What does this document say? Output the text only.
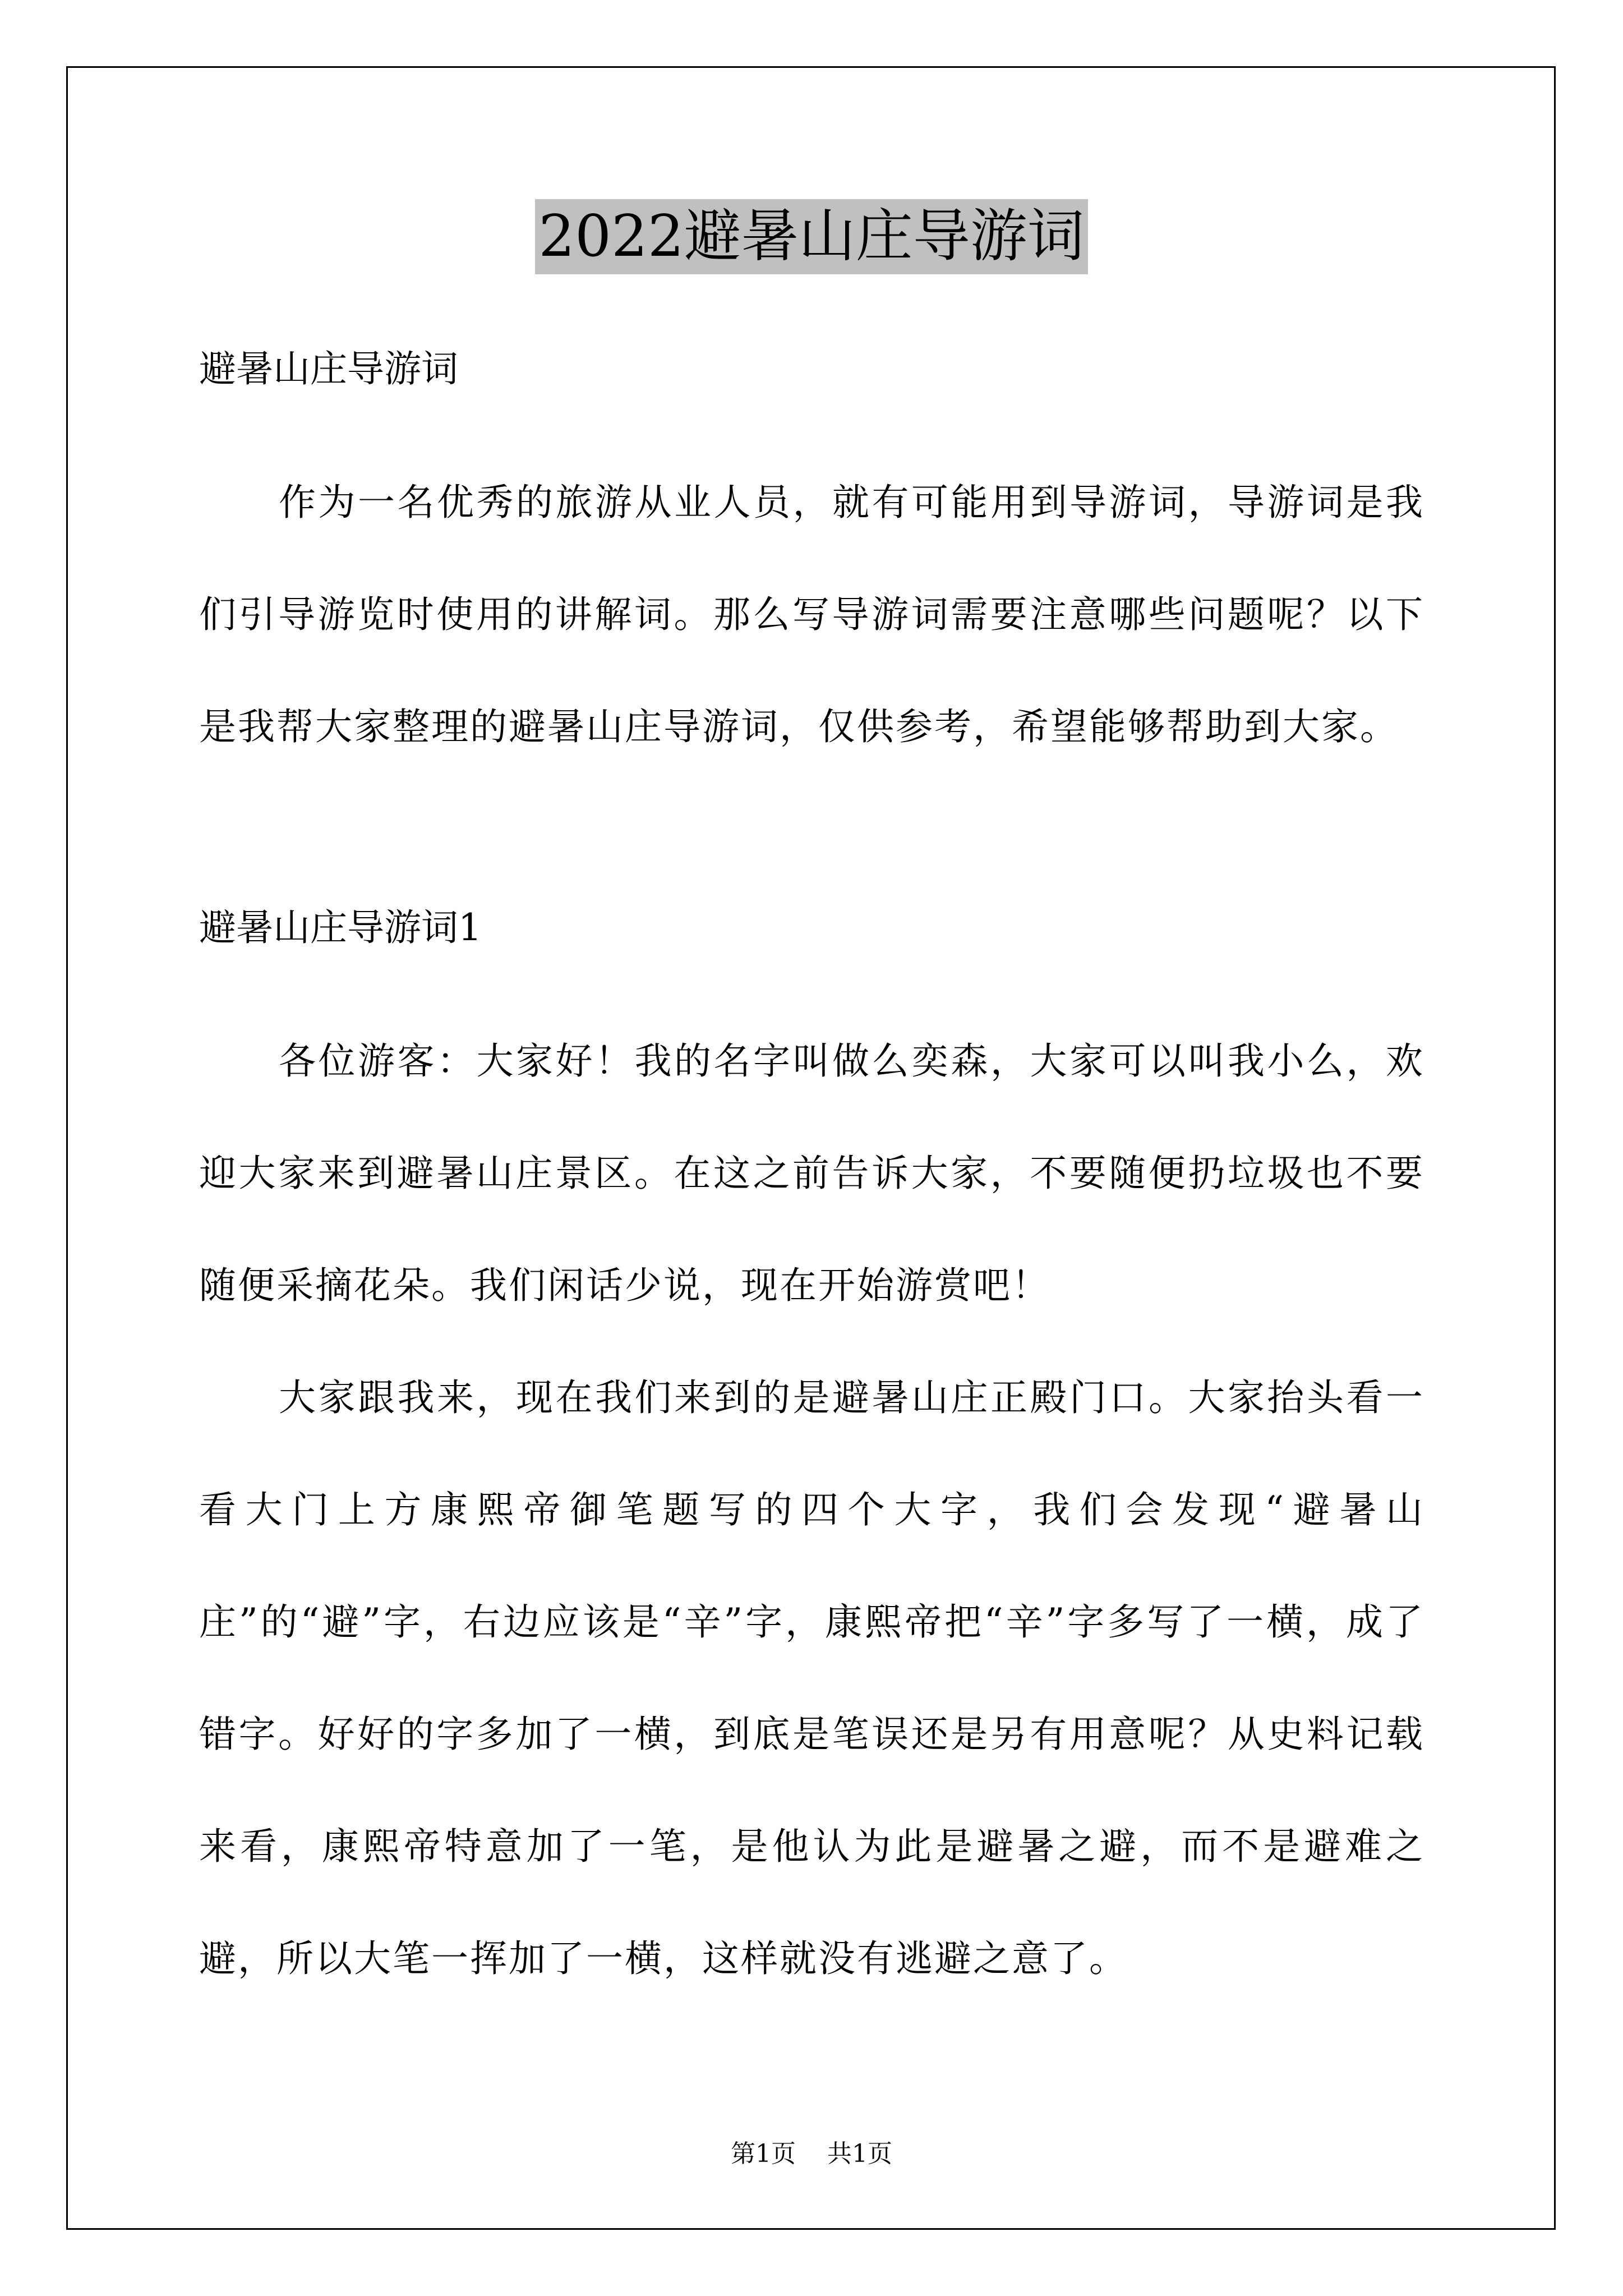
2022避暑山庄导游词

避暑山庄导游词

作为一名优秀的旅游从业人员，就有可能用到导游词，导游词是我们引导游览时使用的讲解词。那么写导游词需要注意哪些问题呢？以下是我帮大家整理的避暑山庄导游词，仅供参考，希望能够帮助到大家。

避暑山庄导游词1

各位游客：大家好！我的名字叫做么奕森，大家可以叫我小么，欢迎大家来到避暑山庄景区。在这之前告诉大家，不要随便扔垃圾也不要随便采摘花朵。我们闲话少说，现在开始游赏吧！

大家跟我来，现在我们来到的是避暑山庄正殿门口。大家抬头看一看大门上方康熙帝御笔题写的四个大字，我们会发现“避暑山庄”的“避”字，右边应该是“辛”字，康熙帝把“辛”字多写了一横，成了错字。好好的字多加了一横，到底是笔误还是另有用意呢？从史料记载来看，康熙帝特意加了一笔，是他认为此是避暑之避，而不是避难之避，所以大笔一挥加了一横，这样就没有逃避之意了。

第1页 共1页
